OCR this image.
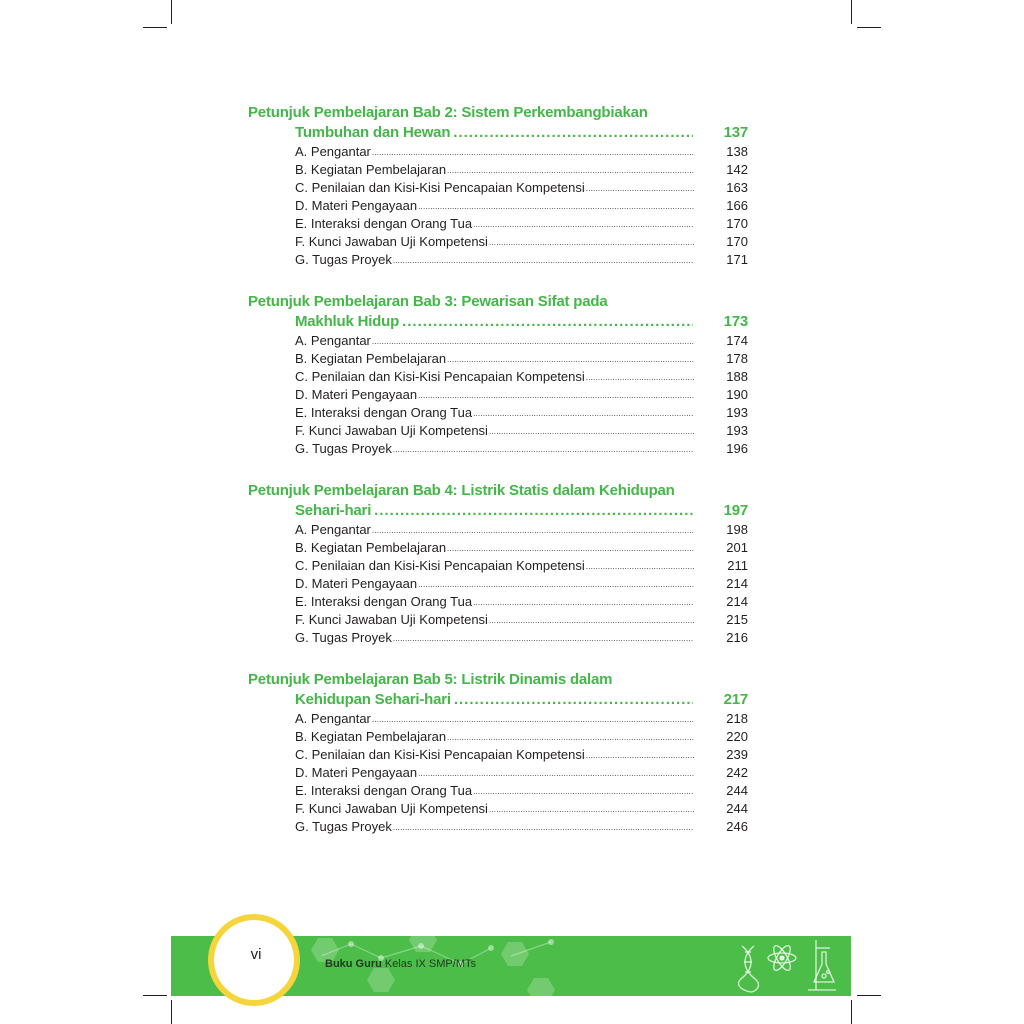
Petunjuk Pembelajaran Bab 2: Sistem Perkembangbiakan
Tumbuhan dan Hewan .....	137
A. Pengantar .....	138
B. Kegiatan Pembelajaran .....	142
C. Penilaian dan Kisi-Kisi Pencapaian Kompetensi .....	163
D. Materi Pengayaan .....	166
E. Interaksi dengan Orang Tua .....	170
F. Kunci Jawaban Uji Kompetensi .....	170
G. Tugas Proyek .....	171
Petunjuk Pembelajaran Bab 3: Pewarisan Sifat pada
Makhluk Hidup .....	173
A. Pengantar .....	174
B. Kegiatan Pembelajaran .....	178
C. Penilaian dan Kisi-Kisi Pencapaian Kompetensi .....	188
D. Materi Pengayaan .....	190
E. Interaksi dengan Orang Tua .....	193
F. Kunci Jawaban Uji Kompetensi .....	193
G. Tugas Proyek .....	196
Petunjuk Pembelajaran Bab 4: Listrik Statis dalam Kehidupan
Sehari-hari .....	197
A. Pengantar .....	198
B. Kegiatan Pembelajaran .....	201
C. Penilaian dan Kisi-Kisi Pencapaian Kompetensi .....	211
D. Materi Pengayaan .....	214
E. Interaksi dengan Orang Tua .....	214
F. Kunci Jawaban Uji Kompetensi .....	215
G. Tugas Proyek .....	216
Petunjuk Pembelajaran Bab 5: Listrik Dinamis dalam
Kehidupan Sehari-hari .....	217
A. Pengantar .....	218
B. Kegiatan Pembelajaran .....	220
C. Penilaian dan Kisi-Kisi Pencapaian Kompetensi .....	239
D. Materi Pengayaan .....	242
E. Interaksi dengan Orang Tua .....	244
F. Kunci Jawaban Uji Kompetensi .....	244
G. Tugas Proyek .....	246
vi
Buku Guru Kelas IX SMP/MTs
